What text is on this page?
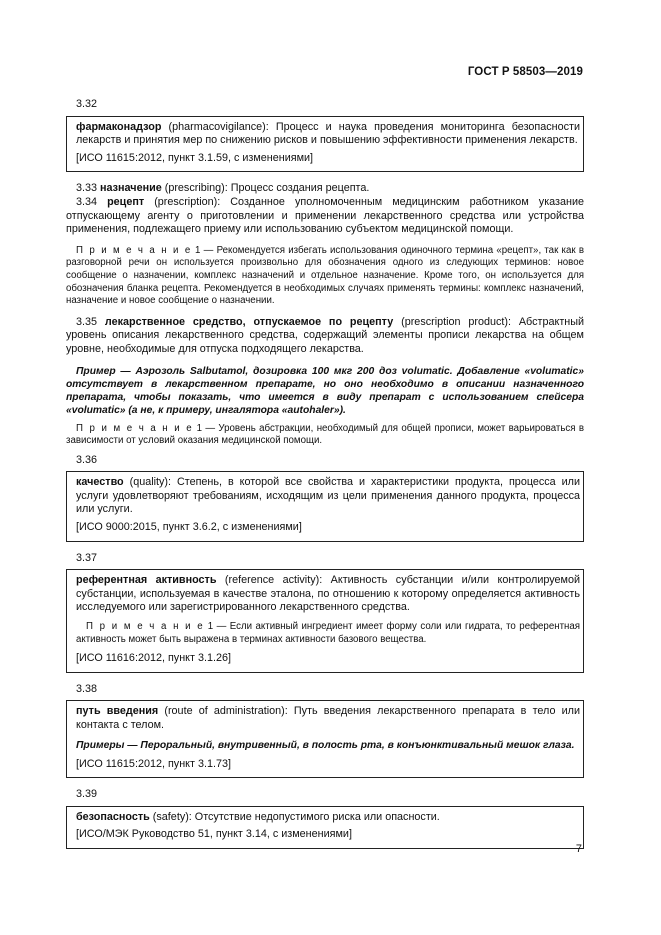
ГОСТ Р 58503—2019
3.32

фармаконадзор (pharmacovigilance): Процесс и наука проведения мониторинга безопасности лекарств и принятия мер по снижению рисков и повышению эффективности применения лекарств.

[ИСО 11615:2012, пункт 3.1.59, с изменениями]

3.33 назначение (prescribing): Процесс создания рецепта.

3.34 рецепт (prescription): Созданное уполномоченным медицинским работником указание отпускающему агенту о приготовлении и применении лекарственного средства или устройства применения, подлежащего приему или использованию субъектом медицинской помощи.

П р и м е ч а н и е 1 — Рекомендуется избегать использования одиночного термина «рецепт», так как в разговорной речи он используется произвольно для обозначения одного из следующих терминов: новое сообщение о назначении, комплекс назначений и отдельное назначение. Кроме того, он используется для обозначения бланка рецепта. Рекомендуется в необходимых случаях применять термины: комплекс назначений, назначение и новое сообщение о назначении.

3.35 лекарственное средство, отпускаемое по рецепту (prescription product): Абстрактный уровень описания лекарственного средства, содержащий элементы прописи лекарства на общем уровне, необходимые для отпуска подходящего лекарства.

Пример — Аэрозоль Salbutamol, дозировка 100 мкг 200 доз volumatic. Добавление «volumatic» отсутствует в лекарственном препарате, но оно необходимо в описании назначенного препарата, чтобы показать, что имеется в виду препарат с использованием спейсера «volumatic» (а не, к примеру, ингалятора «autohaler»).

П р и м е ч а н и е 1 — Уровень абстракции, необходимый для общей прописи, может варьироваться в зависимости от условий оказания медицинской помощи.

3.36

качество (quality): Степень, в которой все свойства и характеристики продукта, процесса или услуги удовлетворяют требованиям, исходящим из цели применения данного продукта, процесса или услуги.

[ИСО 9000:2015, пункт 3.6.2, с изменениями]

3.37

референтная активность (reference activity): Активность субстанции и/или контролируемой субстанции, используемая в качестве эталона, по отношению к которому определяется активность исследуемого или зарегистрированного лекарственного средства.

П р и м е ч а н и е 1 — Если активный ингредиент имеет форму соли или гидрата, то референтная активность может быть выражена в терминах активности базового вещества.

[ИСО 11616:2012, пункт 3.1.26]

3.38

путь введения (route of administration): Путь введения лекарственного препарата в тело или контакта с телом.

Примеры — Пероральный, внутривенный, в полость рта, в конъюнктивальный мешок глаза.

[ИСО 11615:2012, пункт 3.1.73]

3.39

безопасность (safety): Отсутствие недопустимого риска или опасности.

[ИСО/МЭК Руководство 51, пункт 3.14, с изменениями]

7
